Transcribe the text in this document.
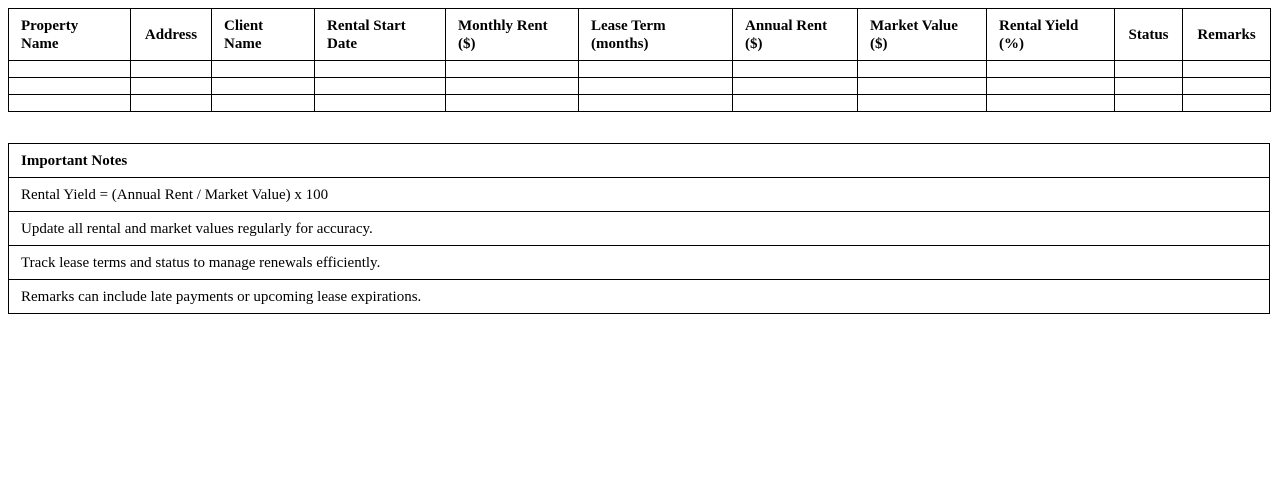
Property Name	Address	Client Name	Rental Start Date	Monthly Rent ($)	Lease Term (months)	Annual Rent ($)	Market Value ($)	Rental Yield (%)	Status	Remarks

Important Notes
Rental Yield = (Annual Rent / Market Value) x 100
Update all rental and market values regularly for accuracy.
Track lease terms and status to manage renewals efficiently.
Remarks can include late payments or upcoming lease expirations.
